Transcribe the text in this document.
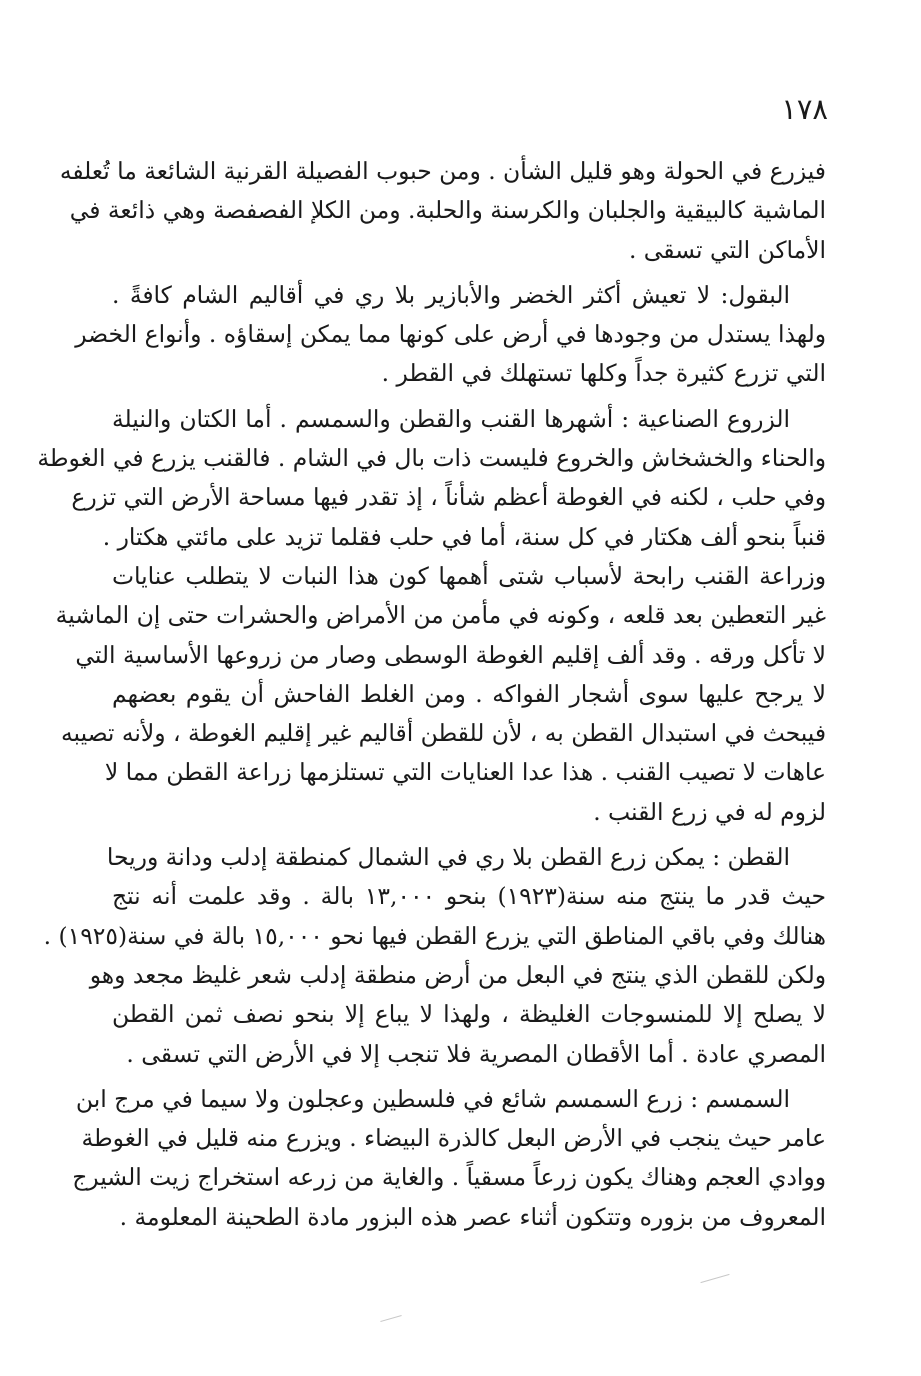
١٧٨
فيزرع في الحولة وهو قليل الشأن . ومن حبوب الفصيلة القرنية الشائعة ما تُعلفه
الماشية كالبيقية والجلبان والكرسنة والحلبة. ومن الكلإ الفصفصة وهي ذائعة في
الأماكن التي تسقى .
البقول: لا تعيش أكثر الخضر والأبازير بلا ري في أقاليم الشام كافةً .
ولهذا يستدل من وجودها في أرض على كونها مما يمكن إسقاؤه . وأنواع الخضر
التي تزرع كثيرة جداً وكلها تستهلك في القطر .
الزروع الصناعية : أشهرها القنب والقطن والسمسم . أما الكتان والنيلة
والحناء والخشخاش والخروع فليست ذات بال في الشام . فالقنب يزرع في الغوطة
وفي حلب ، لكنه في الغوطة أعظم شأناً ، إذ تقدر فيها مساحة الأرض التي تزرع
قنباً بنحو ألف هكتار في كل سنة، أما في حلب فقلما تزيد على مائتي هكتار .
وزراعة القنب رابحة لأسباب شتى أهمها كون هذا النبات لا يتطلب عنايات
غير التعطين بعد قلعه ، وكونه في مأمن من الأمراض والحشرات حتى إن الماشية
لا تأكل ورقه . وقد ألف إقليم الغوطة الوسطى وصار من زروعها الأساسية التي
لا يرجح عليها سوى أشجار الفواكه . ومن الغلط الفاحش أن يقوم بعضهم
فيبحث في استبدال القطن به ، لأن للقطن أقاليم غير إقليم الغوطة ، ولأنه تصيبه
عاهات لا تصيب القنب . هذا عدا العنايات التي تستلزمها زراعة القطن مما لا
لزوم له في زرع القنب .
القطن : يمكن زرع القطن بلا ري في الشمال كمنطقة إدلب ودانة وريحا
حيث قدر ما ينتج منه سنة(١٩٢٣) بنحو ١٣,٠٠٠ بالة . وقد علمت أنه نتج
هنالك وفي باقي المناطق التي يزرع القطن فيها نحو ١٥,٠٠٠ بالة في سنة(١٩٢٥) .
ولكن للقطن الذي ينتج في البعل من أرض منطقة إدلب شعر غليظ مجعد وهو
لا يصلح إلا للمنسوجات الغليظة ، ولهذا لا يباع إلا بنحو نصف ثمن القطن
المصري عادة . أما الأقطان المصرية فلا تنجب إلا في الأرض التي تسقى .
السمسم : زرع السمسم شائع في فلسطين وعجلون ولا سيما في مرج ابن
عامر حيث ينجب في الأرض البعل كالذرة البيضاء . ويزرع منه قليل في الغوطة
ووادي العجم وهناك يكون زرعاً مسقياً . والغاية من زرعه استخراج زيت الشيرج
المعروف من بزوره وتتكون أثناء عصر هذه البزور مادة الطحينة المعلومة .
